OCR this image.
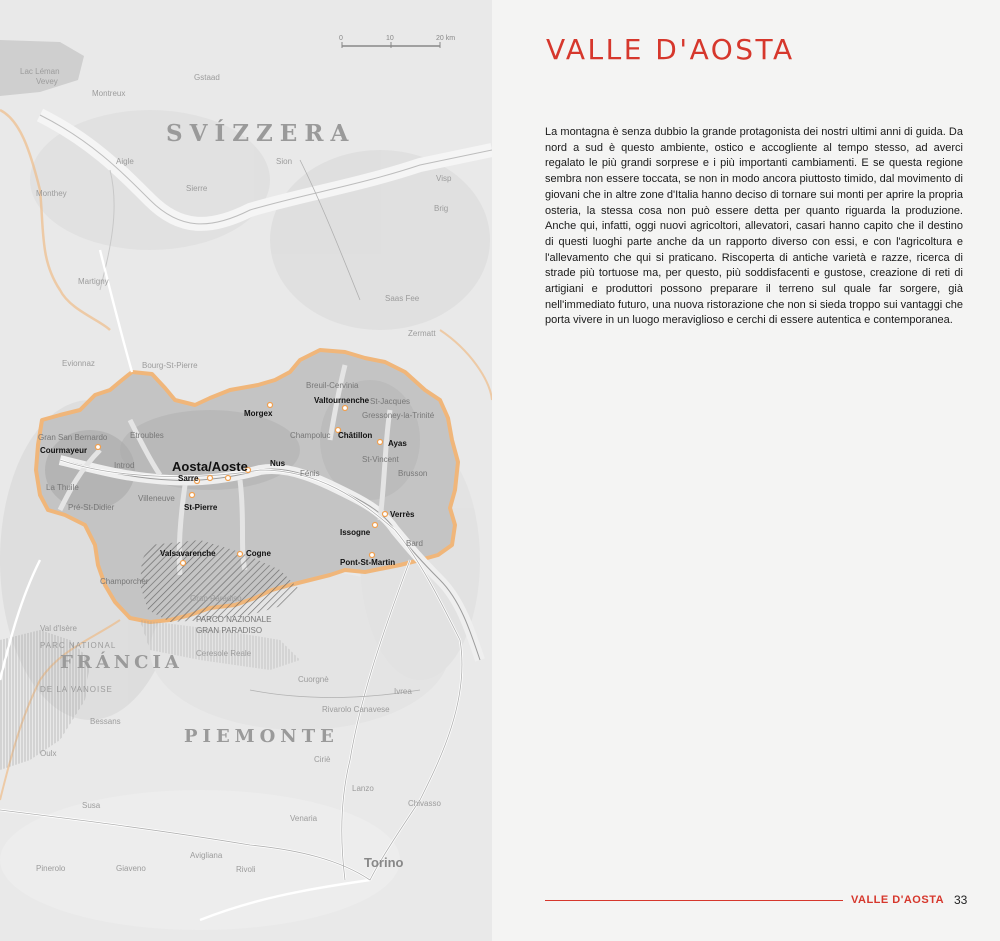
0	10	20 km
SVÍZZERA
FRÁNCIA
PIEMONTE
PARC NATIONAL
DE LA VANOISE
PARCO NAZIONALE
GRAN PARADISO
Aosta/Aoste
Courmayeur
Morgex
Valtournenche
St-Vincent
Châtillon
Issogne
Verrès
Pont-St-Martin
Cogne
Valsavarenche
Nus
Sarre
St-Pierre
Ayas
Brusson
Monthey
Martigny
Sion
Sierre
Visp
Zermatt
Saas Fee
Aigle
Gstaad
Evionnaz	Bourg-St-Pierre
Gran Paradiso
Ceresole Reale
Cuorgnè
Ivrea
Rivarolo Canavese
Ciriè
Lanzo
Venaria
Torino
Chivasso
Avigliana
Rivoli
Susa
Val d'Isère
Bessans
Giaveno
Pinerolo
Oulx
Lac Léman
Montreux
Vevey
Brig
Bard
Gressoney-la-Trinité
St-Jacques
Champoluc
Breuil-Cervinia
La Thuile
Pré-St-Didier
Villeneuve
Introd
Gran San Bernardo	Etroubles
Fénis
Champorcher
VALLE D'AOSTA

La montagna è senza dubbio la grande protagonista dei nostri ultimi anni di guida. Da nord a sud è questo ambiente, ostico e accogliente al tempo stesso, ad averci regalato le più grandi sorprese e i più importanti cambiamenti. E se questa regione sembra non essere toccata, se non in modo ancora piuttosto timido, dal movimento di giovani che in altre zone d'Italia hanno deciso di tornare sui monti per aprire la propria osteria, la stessa cosa non può essere detta per quanto riguarda la produzione. Anche qui, infatti, oggi nuovi agricoltori, allevatori, casari hanno capito che il destino di questi luoghi parte anche da un rapporto diverso con essi, e con l'agricoltura e l'allevamento che qui si praticano. Riscoperta di antiche varietà e razze, ricerca di strade più tortuose ma, per questo, più soddisfacenti e gustose, creazione di reti di artigiani e produttori possono preparare il terreno sul quale far sorgere, già nell'immediato futuro, una nuova ristorazione che non si sieda troppo sui vantaggi che porta vivere in un luogo meraviglioso e cerchi di essere autentica e contemporanea.

VALLE D'AOSTA 33
